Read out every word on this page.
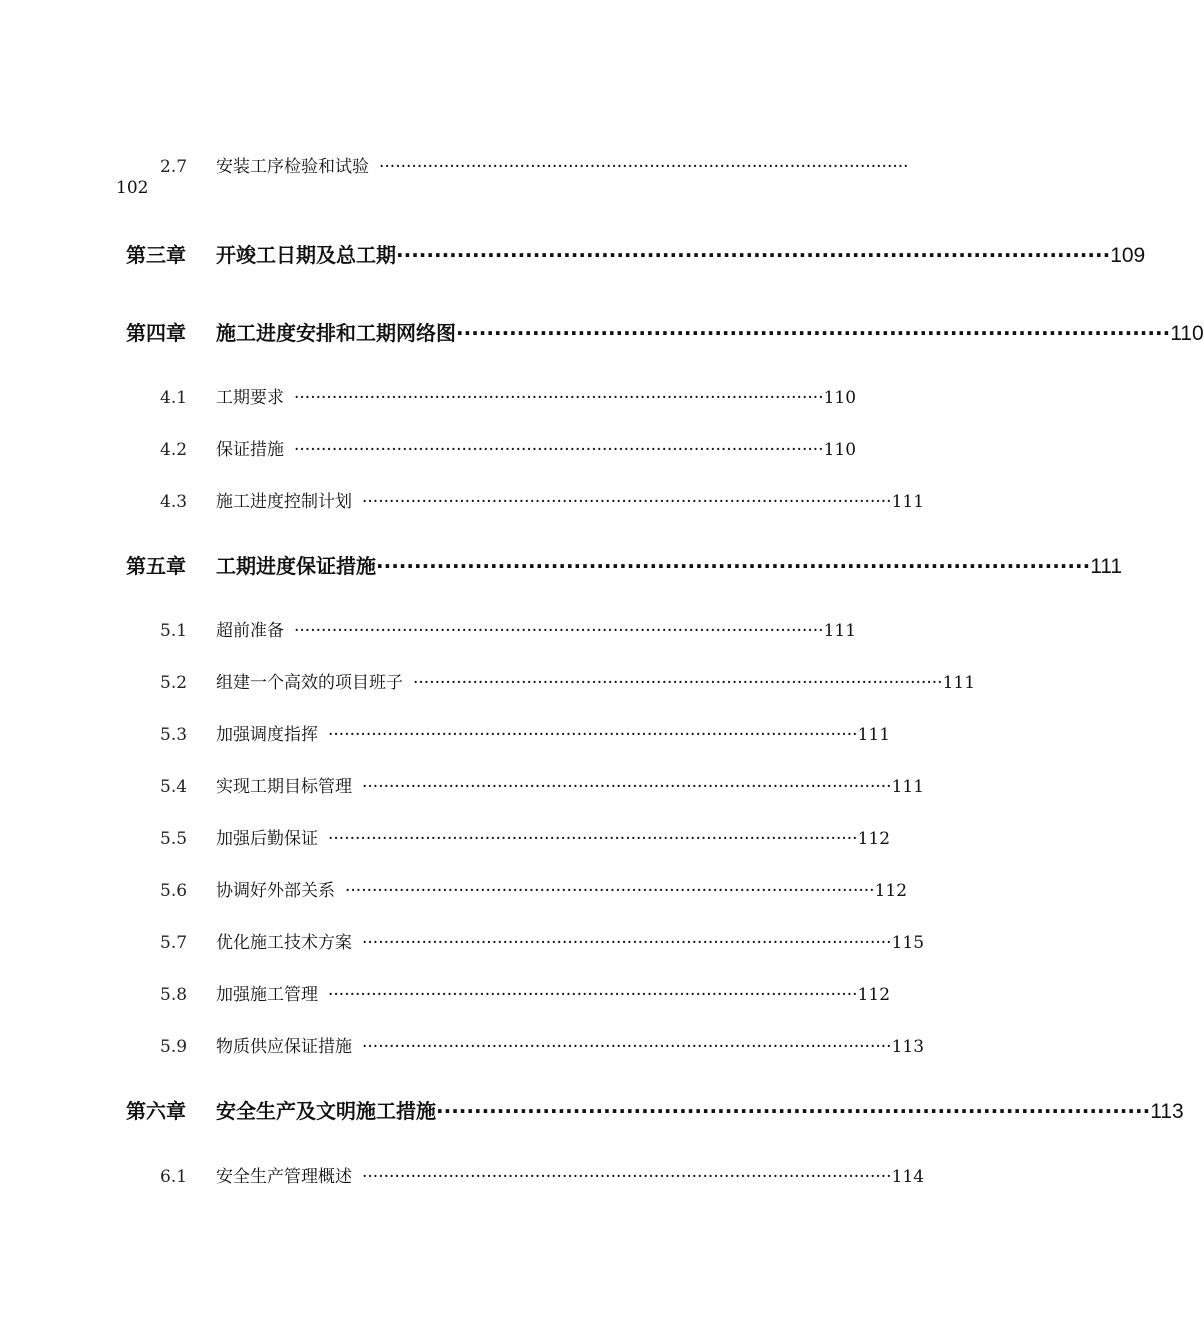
2.7	安装工序检验和试验 ··································································································
102
第三章	开竣工日期及总工期 ······························································································ 109
第四章	施工进度安排和工期网络图 ······························································································ 110
4.1	工期要求 ·································································································· 110
4.2	保证措施 ·································································································· 110
4.3	施工进度控制计划 ·································································································· 111
第五章	工期进度保证措施 ······························································································ 111
5.1	超前准备 ·································································································· 111
5.2	组建一个高效的项目班子 ·································································································· 111
5.3	加强调度指挥 ·································································································· 111
5.4	实现工期目标管理 ·································································································· 111
5.5	加强后勤保证 ·································································································· 112
5.6	协调好外部关系 ·································································································· 112
5.7	优化施工技术方案 ·································································································· 115
5.8	加强施工管理 ·································································································· 112
5.9	物质供应保证措施 ·································································································· 113
第六章	安全生产及文明施工措施 ······························································································ 113
6.1	安全生产管理概述 ·································································································· 114
